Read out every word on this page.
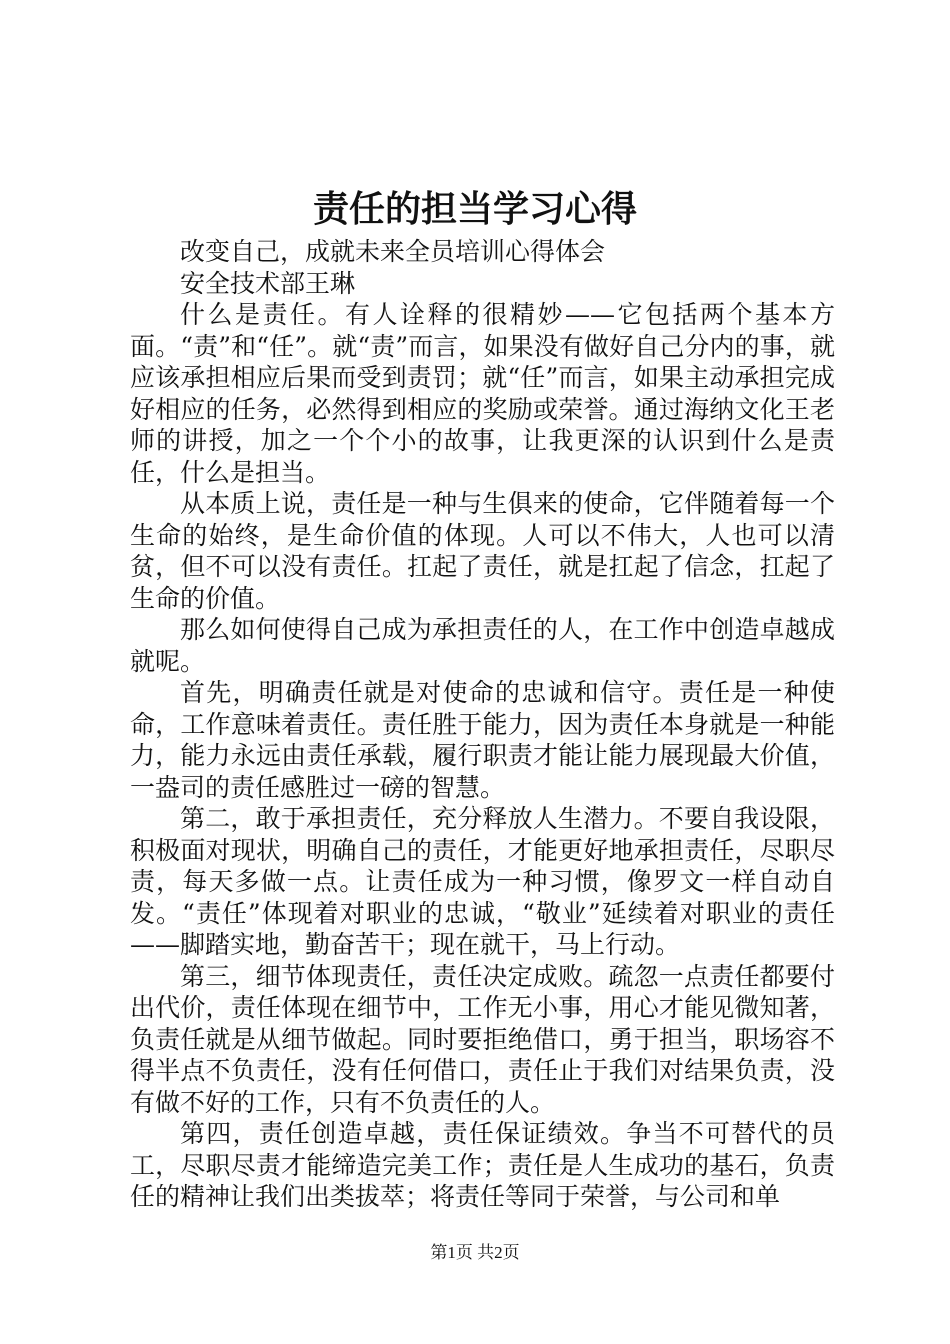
责任的担当学习心得

改变自己，成就未来全员培训心得体会

安全技术部王琳

什么是责任。有人诠释的很精妙——它包括两个基本方面。“责”和“任”。就“责”而言，如果没有做好自己分内的事，就应该承担相应后果而受到责罚；就“任”而言，如果主动承担完成好相应的任务，必然得到相应的奖励或荣誉。通过海纳文化王老师的讲授，加之一个个小的故事，让我更深的认识到什么是责任，什么是担当。

从本质上说，责任是一种与生俱来的使命，它伴随着每一个生命的始终，是生命价值的体现。人可以不伟大，人也可以清贫，但不可以没有责任。扛起了责任，就是扛起了信念，扛起了生命的价值。

那么如何使得自己成为承担责任的人，在工作中创造卓越成就呢。

首先，明确责任就是对使命的忠诚和信守。责任是一种使命，工作意味着责任。责任胜于能力，因为责任本身就是一种能力，能力永远由责任承载，履行职责才能让能力展现最大价值，一盎司的责任感胜过一磅的智慧。

第二，敢于承担责任，充分释放人生潜力。不要自我设限，积极面对现状，明确自己的责任，才能更好地承担责任，尽职尽责，每天多做一点。让责任成为一种习惯，像罗文一样自动自发。“责任”体现着对职业的忠诚，“敬业”延续着对职业的责任——脚踏实地，勤奋苦干；现在就干，马上行动。

第三，细节体现责任，责任决定成败。疏忽一点责任都要付出代价，责任体现在细节中，工作无小事，用心才能见微知著，负责任就是从细节做起。同时要拒绝借口，勇于担当，职场容不得半点不负责任，没有任何借口，责任止于我们对结果负责，没有做不好的工作，只有不负责任的人。

第四，责任创造卓越，责任保证绩效。争当不可替代的员工，尽职尽责才能缔造完美工作；责任是人生成功的基石，负责任的精神让我们出类拔萃；将责任等同于荣誉，与公司和单

第1页 共2页
